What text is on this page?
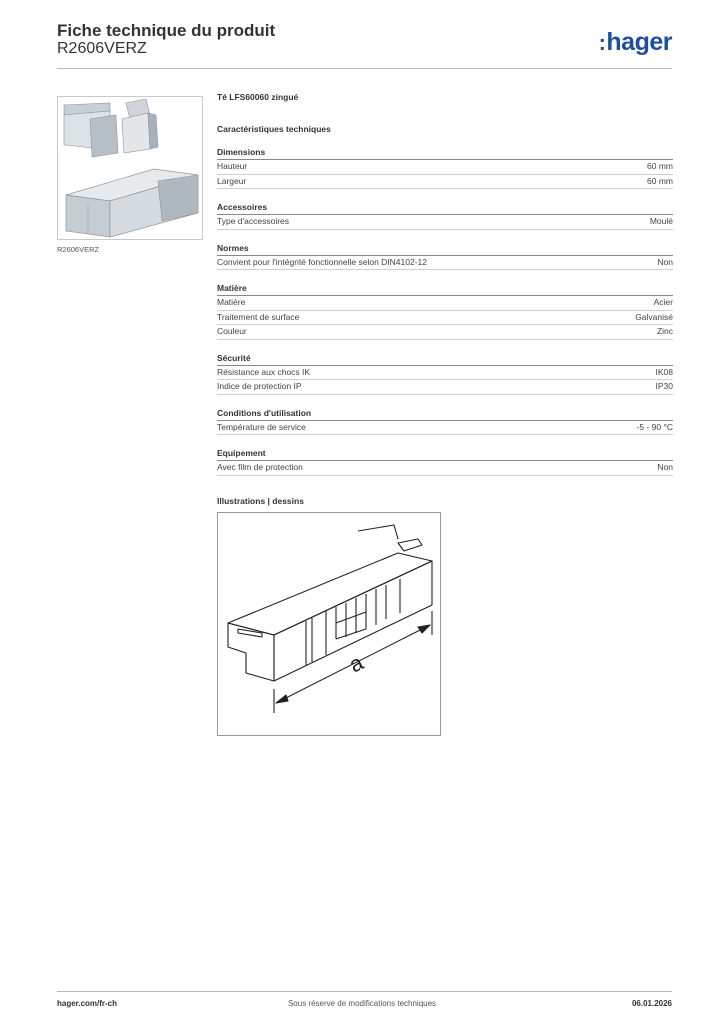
Fiche technique du produit
R2606VERZ	:hager
R2606VERZ
Té LFS60060 zingué
Caractéristiques techniques
Dimensions
Hauteur	60 mm
Largeur	60 mm
Accessoires
Type d'accessoires	Moulé
Normes
Convient pour l'intégrité fonctionnelle selon DIN4102-12	Non
Matière
Matière	Acier
Traitement de surface	Galvanisé
Couleur	Zinc
Sécurité
Résistance aux chocs IK	IK08
Indice de protection IP	IP30
Conditions d'utilisation
Température de service	-5 - 90 °C
Equipement
Avec film de protection	Non
Illustrations | dessins
a
hager.com/fr-ch	Sous réserve de modifications techniques	06.01.2026
